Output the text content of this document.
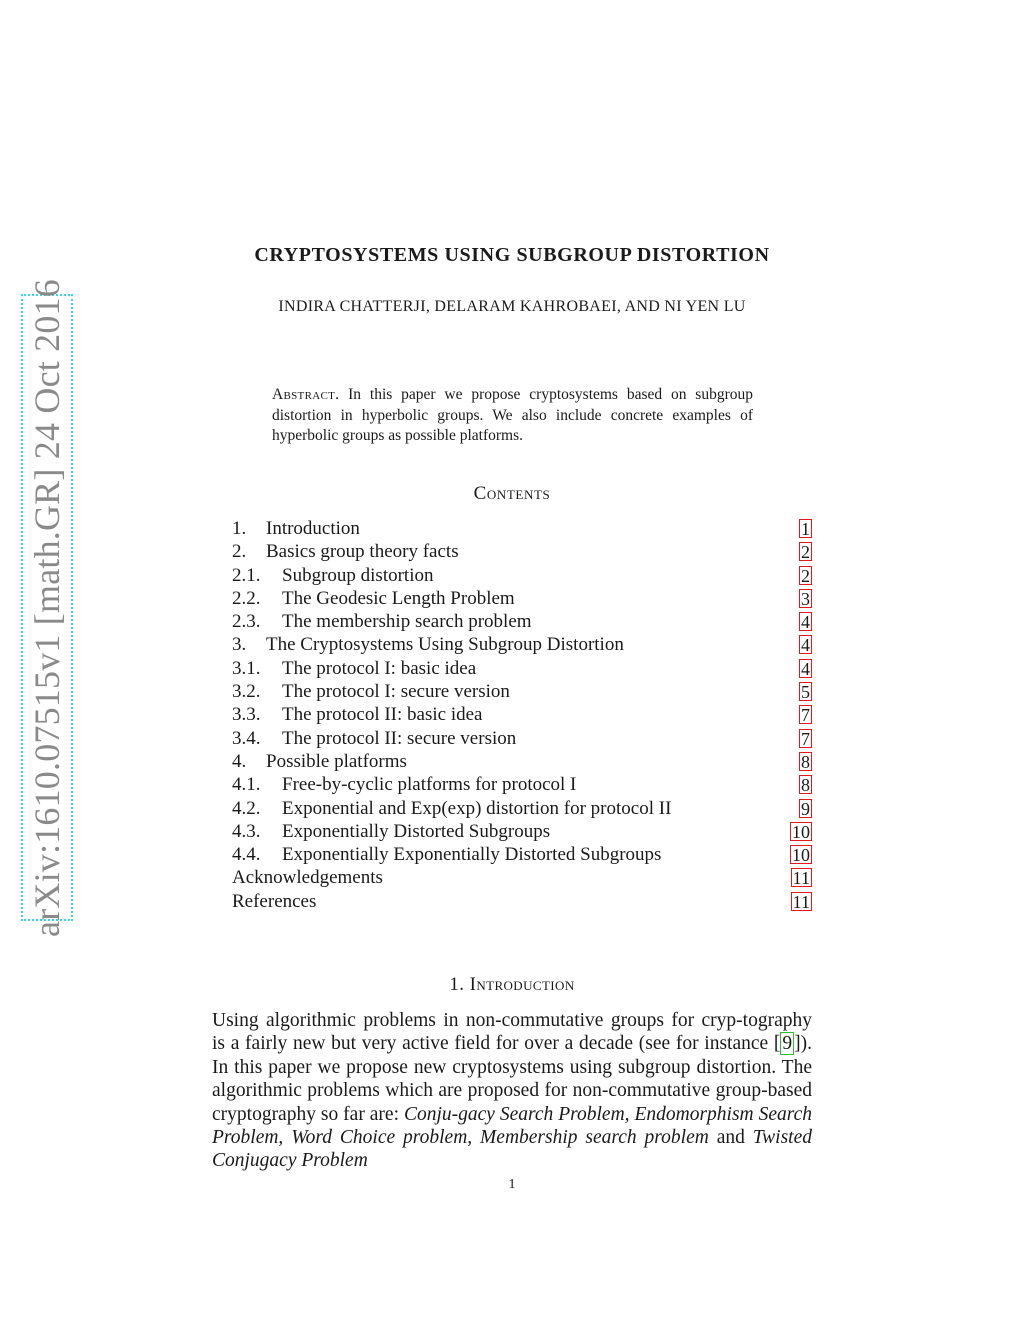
arXiv:1610.07515v1 [math.GR] 24 Oct 2016
CRYPTOSYSTEMS USING SUBGROUP DISTORTION
INDIRA CHATTERJI, DELARAM KAHROBAEI, AND NI YEN LU
Abstract. In this paper we propose cryptosystems based on subgroup distortion in hyperbolic groups. We also include concrete examples of hyperbolic groups as possible platforms.
Contents
1. Introduction	1
2. Basics group theory facts	2
2.1. Subgroup distortion	2
2.2. The Geodesic Length Problem	3
2.3. The membership search problem	4
3. The Cryptosystems Using Subgroup Distortion	4
3.1. The protocol I: basic idea	4
3.2. The protocol I: secure version	5
3.3. The protocol II: basic idea	7
3.4. The protocol II: secure version	7
4. Possible platforms	8
4.1. Free-by-cyclic platforms for protocol I	8
4.2. Exponential and Exp(exp) distortion for protocol II	9
4.3. Exponentially Distorted Subgroups	10
4.4. Exponentially Exponentially Distorted Subgroups	10
Acknowledgements	11
References	11
1. Introduction
Using algorithmic problems in non-commutative groups for cryp-tography is a fairly new but very active field for over a decade (see for instance [ 9 ]). In this paper we propose new cryptosystems using subgroup distortion. The algorithmic problems which are proposed for non-commutative group-based cryptography so far are: Conju-gacy Search Problem, Endomorphism Search Problem, Word Choice problem, Membership search problem and Twisted Conjugacy Problem
1
